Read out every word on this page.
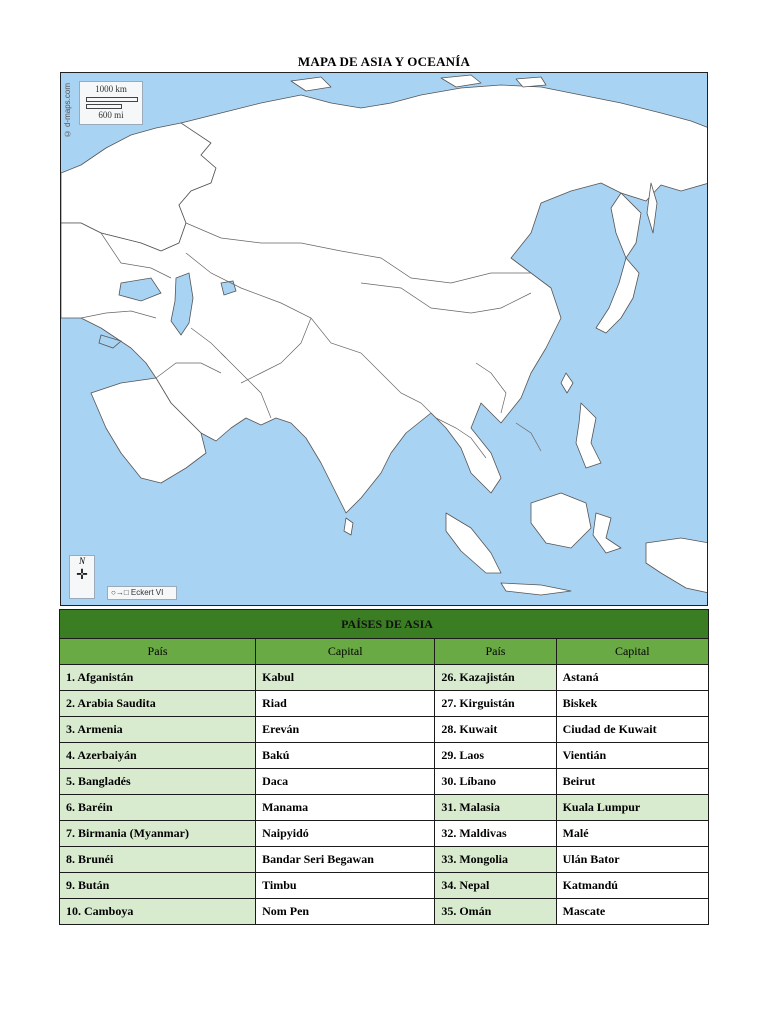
MAPA DE ASIA Y OCEANÍA
1000 km
600 mi
© d-maps.com
N
✛
○→□ Eckert VI
PAÍSES DE ASIA			
País	Capital	País	Capital
1. Afganistán	Kabul	26. Kazajistán	Astaná
2. Arabia Saudita	Riad	27. Kirguistán	Biskek
3. Armenia	Ereván	28. Kuwait	Ciudad de Kuwait
4. Azerbaiyán	Bakú	29. Laos	Vientián
5. Bangladés	Daca	30. Líbano	Beirut
6. Baréin	Manama	31. Malasia	Kuala Lumpur
7. Birmania (Myanmar)	Naipyidó	32. Maldivas	Malé
8. Brunéi	Bandar Seri Begawan	33. Mongolia	Ulán Bator
9. Bután	Timbu	34. Nepal	Katmandú
10. Camboya	Nom Pen	35. Omán	Mascate
